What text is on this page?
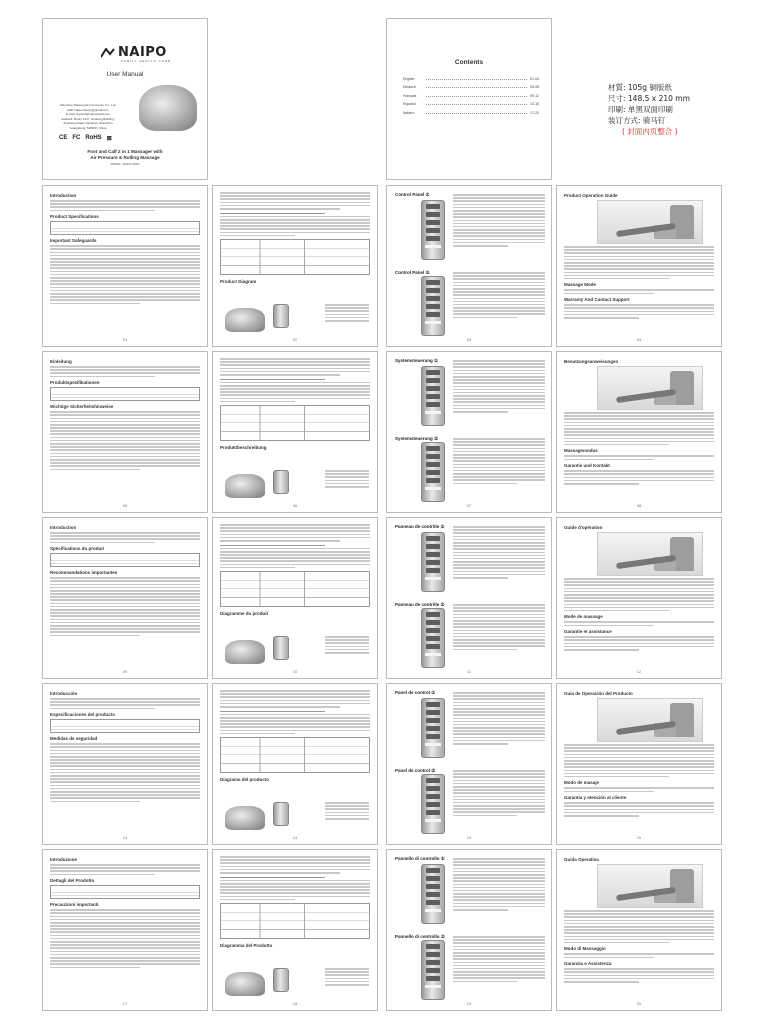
NAIPO
FAMILY HEALTH CARE
User Manual
Shenzhen Meloung E-Commerce Co., Ltd.
Mail: Naipo.Stamp@gmail.com
E-mail: support@naipoworld.com
Address: Room 1107, Guoteng Building,
Xinsheng Road, Nanshan, Shenzhen
Guangdong, 518000, China
CE FC RoHS ⊠
Foot and Calf 2 in 1 Massager with
Air Pressure & Rolling Massage
MODEL: MGFP-M002
Contents
English	01-04
Deutsch	05-08
Français	09-12
Español	13-16
Italiano	17-20
材質: 105g 铜版纸
尺寸: 148.5 x 210 mm
印刷: 单黑双面印刷
装订方式: 骑马钉
( 封面内页整合 )
Introduction
Product Specifications
Important Safeguards
01
Product Diagram
02
Control Panel ①
Control Panel ②
03
Product Operation Guide
Massage Mode
Warranty And Contact Support
04
Einleitung
Produktspezifikationen
Wichtige Sicherheitshinweise
05
Produktbeschreibung
06
Systemsteuerung ①
Systemsteuerung ②
07
Benutzungsanweisungen
Massagemodus
Garantie und Kontakt
08
Introduction
Spécifications du produit
Recommandations importantes
09
Diagramme du produit
10
Panneau de contrôle ①
Panneau de contrôle ②
11
Guide d'opération
Mode de massage
Garantie et assistance
12
Introducción
Especificaciones del producto
Medidas de seguridad
13
Diagrama del producto
14
Panel de control ①
Panel de control ②
15
Guía de Operación del Producto
Modo de masaje
Garantía y atención al cliente
16
Introduzione
Dettagli del Prodotto
Precauzioni importanti
17
Diagramma del Prodotto
18
Pannello di controllo ①
Pannello di controllo ②
19
Guida Operativa
Modo di Massaggio
Garanzia e Assistenza
20
